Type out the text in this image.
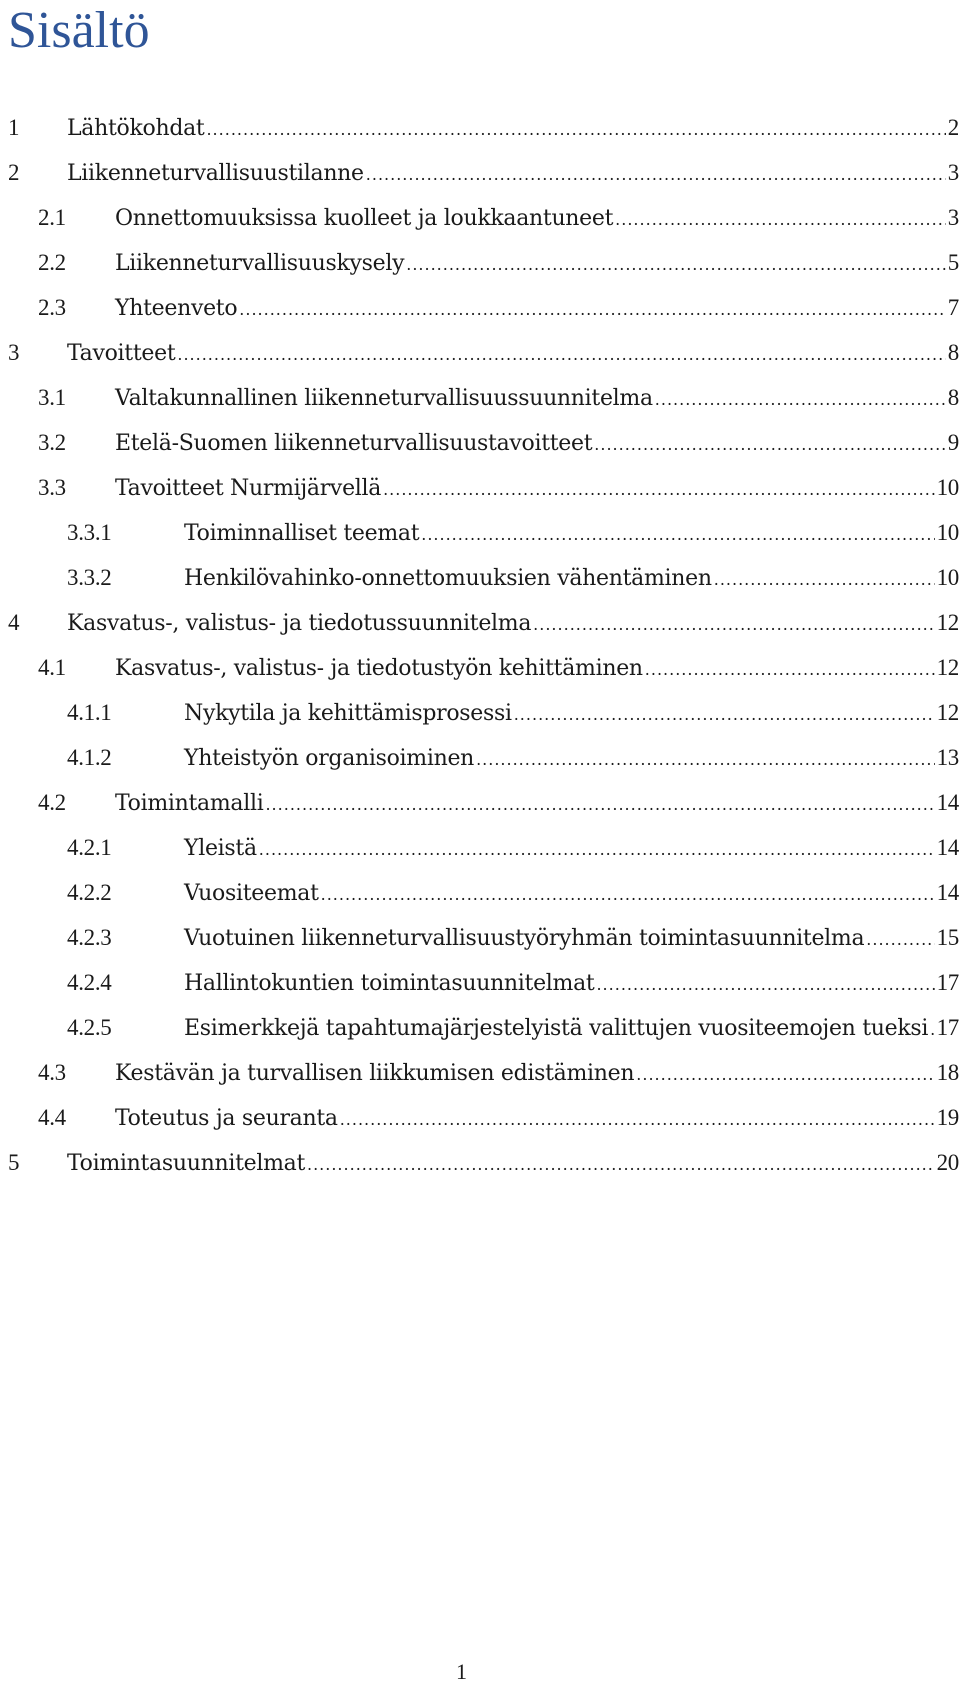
Sisältö
1 Lähtökohdat .....	2
2 Liikenneturvallisuustilanne .....	3
2.1 Onnettomuuksissa kuolleet ja loukkaantuneet .....	3
2.2 Liikenneturvallisuuskysely .....	5
2.3 Yhteenveto .....	7
3 Tavoitteet .....	8
3.1 Valtakunnallinen liikenneturvallisuussuunnitelma .....	8
3.2 Etelä-Suomen liikenneturvallisuustavoitteet .....	9
3.3 Tavoitteet Nurmijärvellä .....	10
3.3.1	Toiminnalliset teemat .....	10
3.3.2	Henkilövahinko-onnettomuuksien vähentäminen .....	10
4 Kasvatus-, valistus- ja tiedotussuunnitelma .....	12
4.1 Kasvatus-, valistus- ja tiedotustyön kehittäminen .....	12
4.1.1	Nykytila ja kehittämisprosessi .....	12
4.1.2	Yhteistyön organisoiminen .....	13
4.2 Toimintamalli .....	14
4.2.1	Yleistä .....	14
4.2.2	Vuositeemat .....	14
4.2.3	Vuotuinen liikenneturvallisuustyöryhmän toimintasuunnitelma .....	15
4.2.4	Hallintokuntien toimintasuunnitelmat .....	17
4.2.5	Esimerkkejä tapahtumajärjestelyistä valittujen vuositeemojen tueksi ..... 17
4.3 Kestävän ja turvallisen liikkumisen edistäminen .....	18
4.4 Toteutus ja seuranta .....	19
5 Toimintasuunnitelmat .....	20
1
